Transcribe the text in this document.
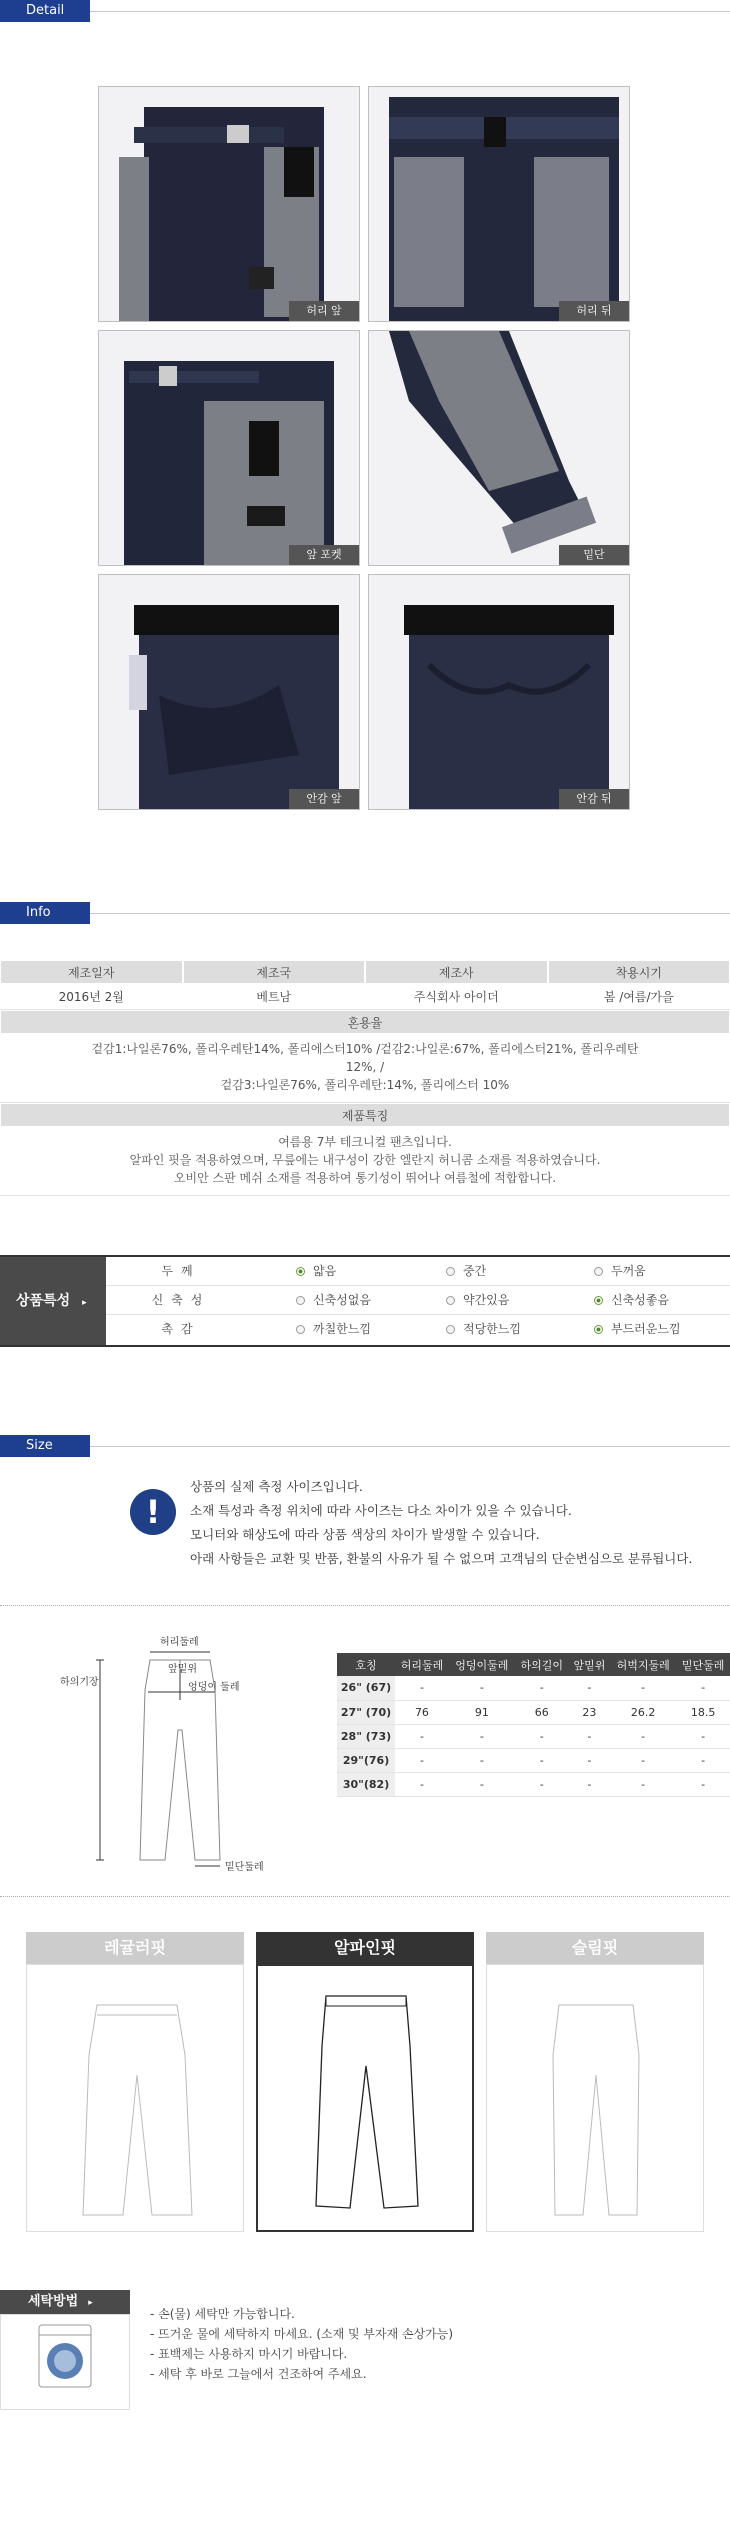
Detail
허리 앞	허리 뒤
앞 포켓	밑단
안감 앞	안감 뒤
Info
제조일자	제조국	제조사	착용시기
2016년 2월	베트남	주식회사 아이더	봄 /여름/가을
혼용율
겉감1:나일론76%, 폴리우레탄14%, 폴리에스터10% /겉감2:나일론:67%, 폴리에스터21%, 폴리우레탄12%, /
겉감3:나일론76%, 폴리우레탄:14%, 폴리에스터 10%
제품특징
여름용 7부 테크니컬 팬츠입니다.
알파인 핏을 적용하였으며, 무릎에는 내구성이 강한 엘란지 허니콤 소재를 적용하였습니다.
오비안 스판 메쉬 소재를 적용하여 통기성이 뛰어나 여름철에 적합합니다.
상품특성 ▸
두께	얇음	중간	두꺼움
신축성	신축성없음	약간있음	신축성좋음
촉감	까칠한느낌	적당한느낌	부드러운느낌
Size
!
상품의 실제 측정 사이즈입니다.
소재 특성과 측정 위치에 따라 사이즈는 다소 차이가 있을 수 있습니다.
모니터와 해상도에 따라 상품 색상의 차이가 발생할 수 있습니다.
아래 사항들은 교환 및 반품, 환불의 사유가 될 수 없으며 고객님의 단순변심으로 분류됩니다.
허리둘레
앞밑위
엉덩이 둘레
하의기장
밑단둘레
호칭	허리둘레	엉덩이둘레	하의길이	앞밑위	허벅지둘레	밑단둘레
26" (67)	-	-	-	-	-	-
27" (70)	76	91	66	23	26.2	18.5
28" (73)	-	-	-	-	-	-
29"(76)	-	-	-	-	-	-
30"(82)	-	-	-	-	-	-
레귤러핏	알파인핏	슬림핏
세탁방법 ▸
- 손(물) 세탁만 가능합니다.
- 뜨거운 물에 세탁하지 마세요. (소재 및 부자재 손상가능)
- 표백제는 사용하지 마시기 바랍니다.
- 세탁 후 바로 그늘에서 건조하여 주세요.
